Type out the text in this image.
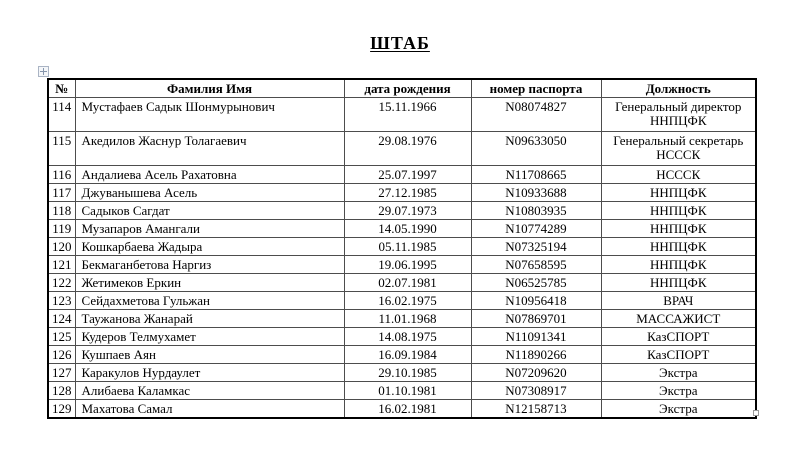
ШТАБ
№	Фамилия Имя	дата рождения	номер паспорта	Должность
114	Мустафаев Садык Шонмурынович	15.11.1966	N08074827	Генеральный директор ННПЦФК
115	Акедилов Жаснур Толагаевич	29.08.1976	N09633050	Генеральный секретарь НСССК
116	Андалиева Асель Рахатовна	25.07.1997	N11708665	НСССК
117	Джуванышева Асель	27.12.1985	N10933688	ННПЦФК
118	Садыков Сагдат	29.07.1973	N10803935	ННПЦФК
119	Музапаров Амангали	14.05.1990	N10774289	ННПЦФК
120	Кошкарбаева Жадыра	05.11.1985	N07325194	ННПЦФК
121	Бекмаганбетова Наргиз	19.06.1995	N07658595	ННПЦФК
122	Жетимеков Еркин	02.07.1981	N06525785	ННПЦФК
123	Сейдахметова Гульжан	16.02.1975	N10956418	ВРАЧ
124	Таужанова Жанарай	11.01.1968	N07869701	МАССАЖИСТ
125	Кудеров Телмухамет	14.08.1975	N11091341	КазСПОРТ
126	Кушпаев Аян	16.09.1984	N11890266	КазСПОРТ
127	Каракулов Нурдаулет	29.10.1985	N07209620	Экстра
128	Алибаева Каламкас	01.10.1981	N07308917	Экстра
129	Махатова Самал	16.02.1981	N12158713	Экстра
